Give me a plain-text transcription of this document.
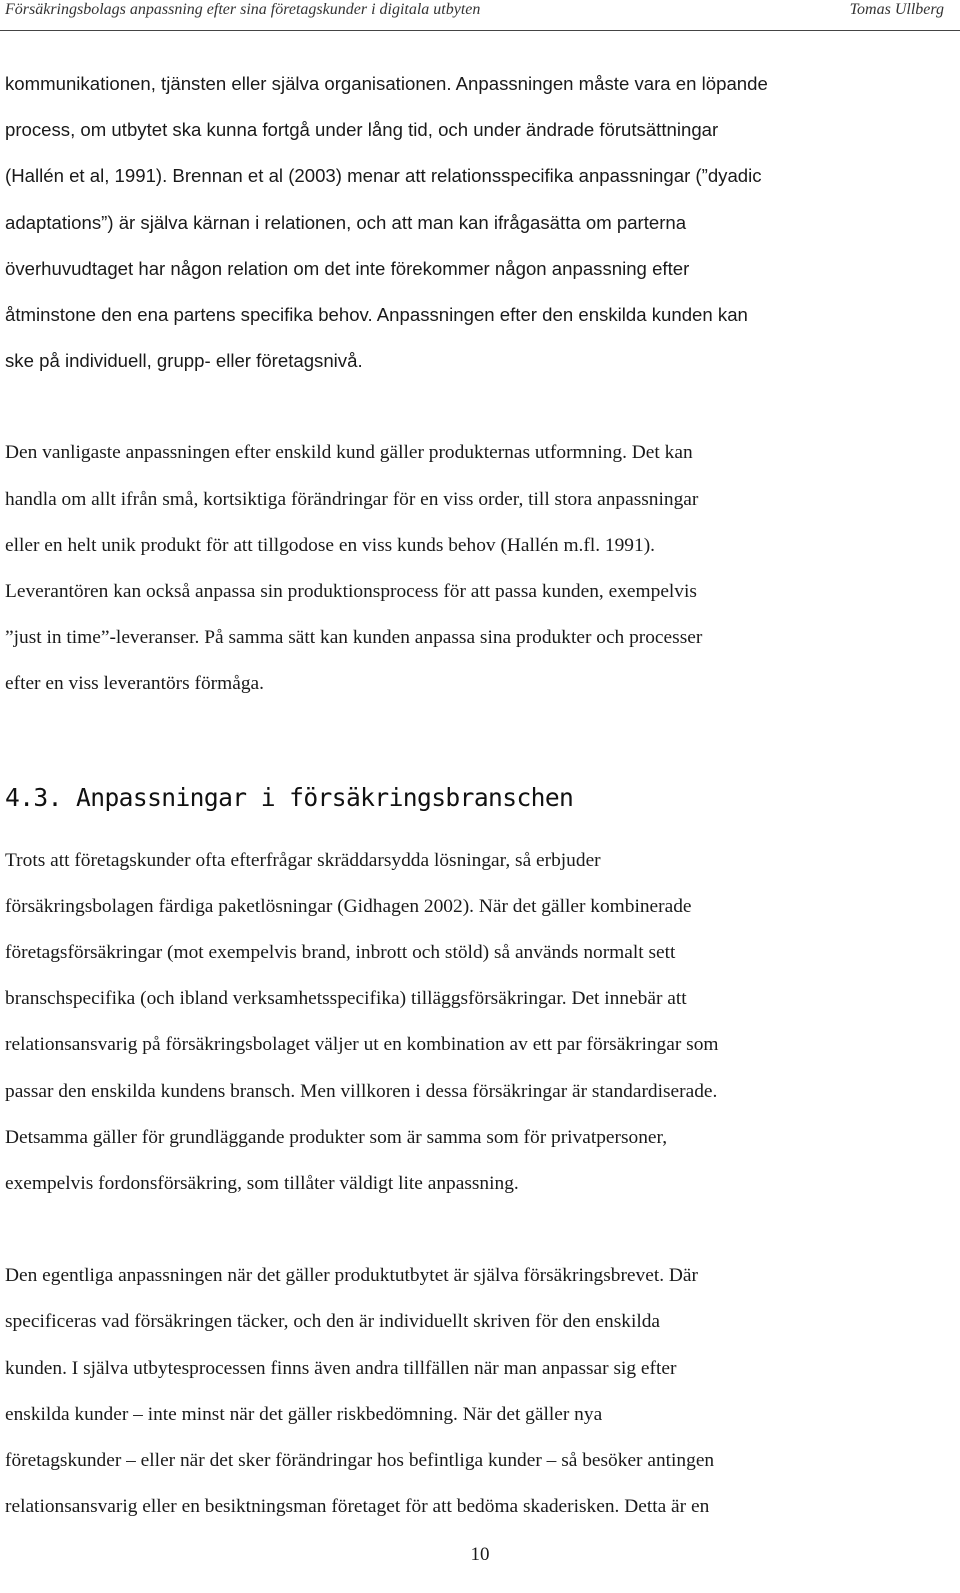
Försäkringsbolags anpassning efter sina företagskunder i digitala utbyten	Tomas Ullberg

kommunikationen, tjänsten eller själva organisationen. Anpassningen måste vara en löpande
process, om utbytet ska kunna fortgå under lång tid, och under ändrade förutsättningar
(Hallén et al, 1991). Brennan et al (2003) menar att relationsspecifika anpassningar (”dyadic
adaptations”) är själva kärnan i relationen, och att man kan ifrågasätta om parterna
överhuvudtaget har någon relation om det inte förekommer någon anpassning efter
åtminstone den ena partens specifika behov. Anpassningen efter den enskilda kunden kan
ske på individuell, grupp- eller företagsnivå.

Den vanligaste anpassningen efter enskild kund gäller produkternas utformning. Det kan
handla om allt ifrån små, kortsiktiga förändringar för en viss order, till stora anpassningar
eller en helt unik produkt för att tillgodose en viss kunds behov (Hallén m.fl. 1991).
Leverantören kan också anpassa sin produktionsprocess för att passa kunden, exempelvis
”just in time”-leveranser. På samma sätt kan kunden anpassa sina produkter och processer
efter en viss leverantörs förmåga.

4.3. Anpassningar i försäkringsbranschen

Trots att företagskunder ofta efterfrågar skräddarsydda lösningar, så erbjuder
försäkringsbolagen färdiga paketlösningar (Gidhagen 2002). När det gäller kombinerade
företagsförsäkringar (mot exempelvis brand, inbrott och stöld) så används normalt sett
branschspecifika (och ibland verksamhetsspecifika) tilläggsförsäkringar. Det innebär att
relationsansvarig på försäkringsbolaget väljer ut en kombination av ett par försäkringar som
passar den enskilda kundens bransch. Men villkoren i dessa försäkringar är standardiserade.
Detsamma gäller för grundläggande produkter som är samma som för privatpersoner,
exempelvis fordonsförsäkring, som tillåter väldigt lite anpassning.

Den egentliga anpassningen när det gäller produktutbytet är själva försäkringsbrevet. Där
specificeras vad försäkringen täcker, och den är individuellt skriven för den enskilda
kunden. I själva utbytesprocessen finns även andra tillfällen när man anpassar sig efter
enskilda kunder – inte minst när det gäller riskbedömning. När det gäller nya
företagskunder – eller när det sker förändringar hos befintliga kunder – så besöker antingen
relationsansvarig eller en besiktningsman företaget för att bedöma skaderisken. Detta är en

10
